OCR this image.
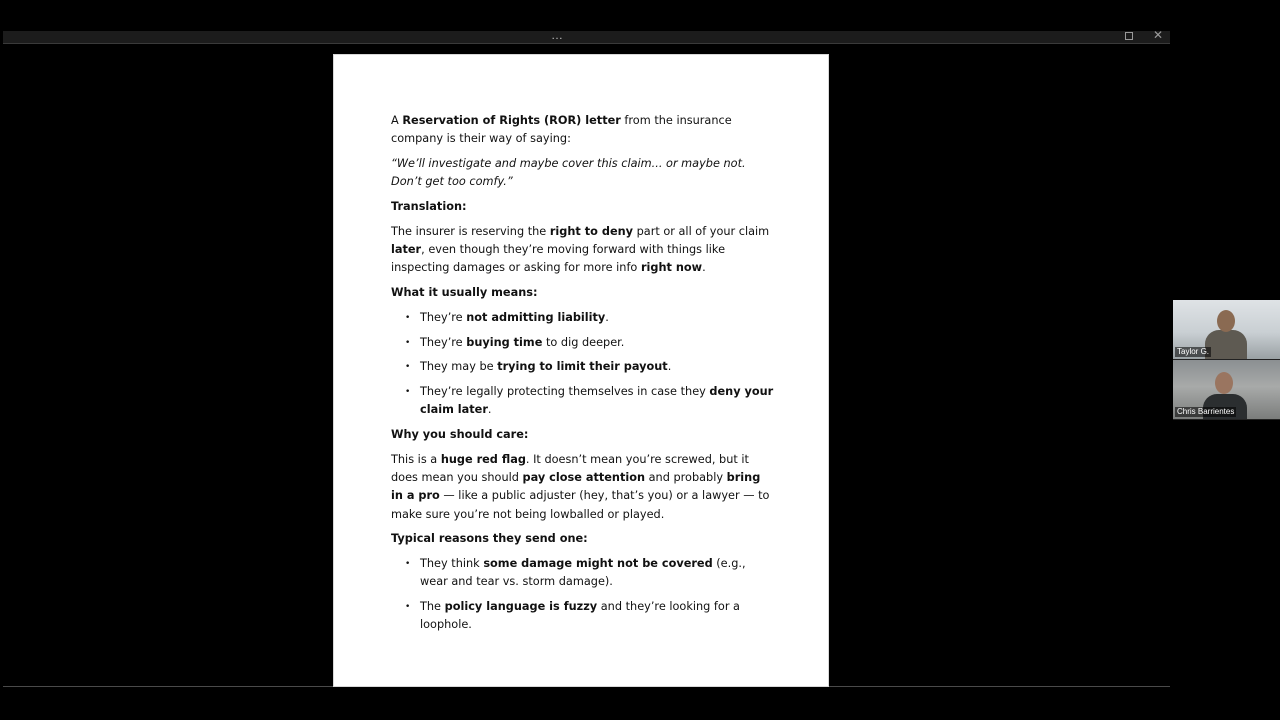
…	✕

A Reservation of Rights (ROR) letter from the insurance company is their way of saying:

“We’ll investigate and maybe cover this claim... or maybe not. Don’t get too comfy.”

Translation:

The insurer is reserving the right to deny part or all of your claim later, even though they’re moving forward with things like inspecting damages or asking for more info right now.

What it usually means:

• They’re not admitting liability.
• They’re buying time to dig deeper.
• They may be trying to limit their payout.
• They’re legally protecting themselves in case they deny your claim later.

Why you should care:

This is a huge red flag. It doesn’t mean you’re screwed, but it does mean you should pay close attention and probably bring in a pro — like a public adjuster (hey, that’s you) or a lawyer — to make sure you’re not being lowballed or played.

Typical reasons they send one:

• They think some damage might not be covered (e.g., wear and tear vs. storm damage).
• The policy language is fuzzy and they’re looking for a loophole.
Taylor G.
Chris Barrientes
